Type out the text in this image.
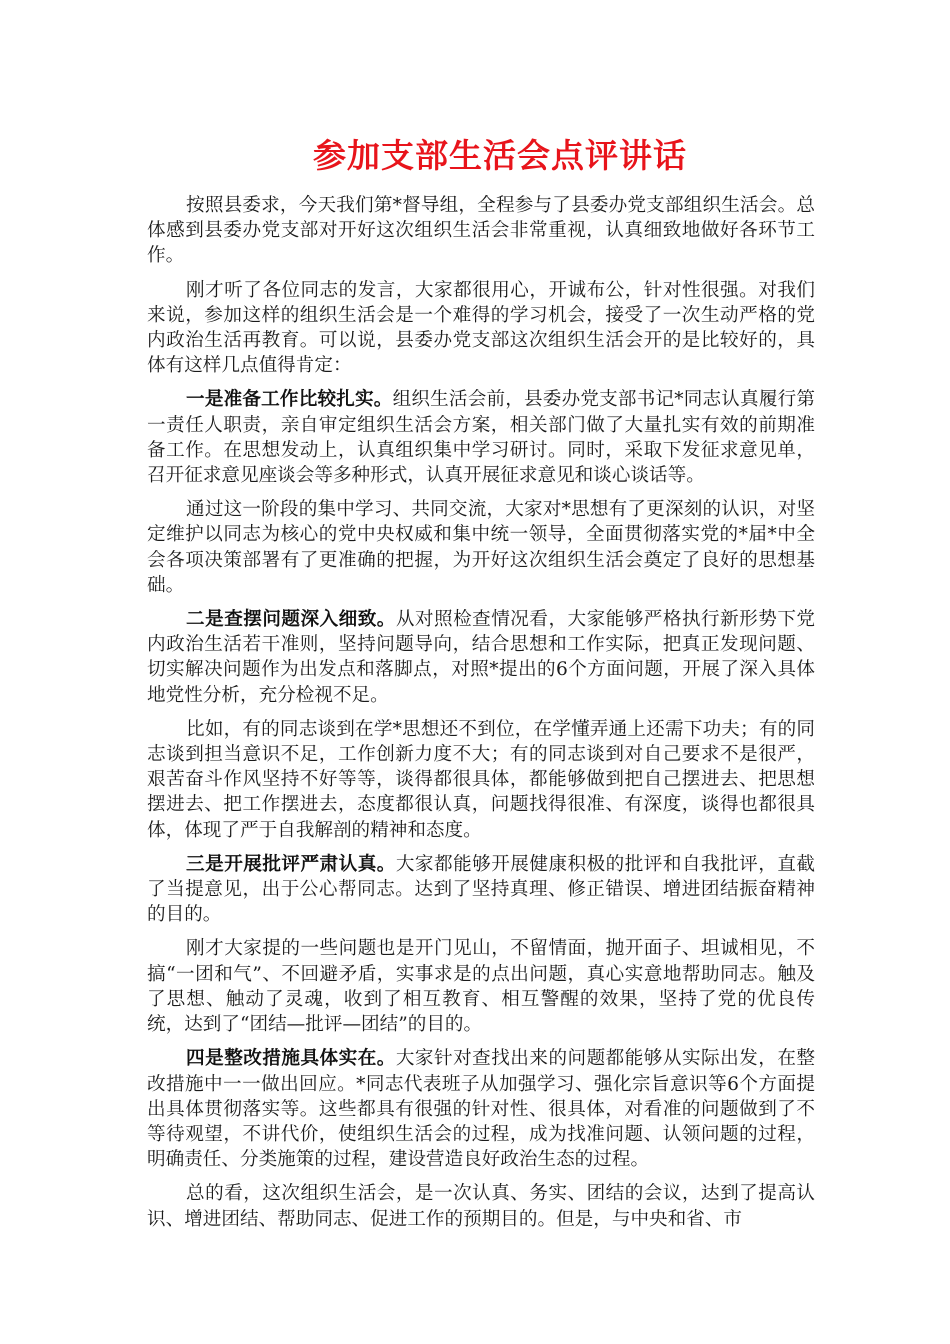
参加支部生活会点评讲话

按照县委求，今天我们第*督导组，全程参与了县委办党支部组织生活会。总体感到县委办党支部对开好这次组织生活会非常重视，认真细致地做好各环节工作。

刚才听了各位同志的发言，大家都很用心，开诚布公，针对性很强。对我们来说，参加这样的组织生活会是一个难得的学习机会，接受了一次生动严格的党内政治生活再教育。可以说，县委办党支部这次组织生活会开的是比较好的，具体有这样几点值得肯定：

一是准备工作比较扎实。组织生活会前，县委办党支部书记*同志认真履行第一责任人职责，亲自审定组织生活会方案，相关部门做了大量扎实有效的前期准备工作。在思想发动上，认真组织集中学习研讨。同时，采取下发征求意见单，召开征求意见座谈会等多种形式，认真开展征求意见和谈心谈话等。

通过这一阶段的集中学习、共同交流，大家对*思想有了更深刻的认识，对坚定维护以同志为核心的党中央权威和集中统一领导，全面贯彻落实党的*届*中全会各项决策部署有了更准确的把握，为开好这次组织生活会奠定了良好的思想基础。

二是查摆问题深入细致。从对照检查情况看，大家能够严格执行新形势下党内政治生活若干准则，坚持问题导向，结合思想和工作实际，把真正发现问题、切实解决问题作为出发点和落脚点，对照*提出的6个方面问题，开展了深入具体地党性分析，充分检视不足。

比如，有的同志谈到在学*思想还不到位，在学懂弄通上还需下功夫；有的同志谈到担当意识不足，工作创新力度不大；有的同志谈到对自己要求不是很严，艰苦奋斗作风坚持不好等等，谈得都很具体，都能够做到把自己摆进去、把思想摆进去、把工作摆进去，态度都很认真，问题找得很准、有深度，谈得也都很具体，体现了严于自我解剖的精神和态度。

三是开展批评严肃认真。大家都能够开展健康积极的批评和自我批评，直截了当提意见，出于公心帮同志。达到了坚持真理、修正错误、增进团结振奋精神的目的。

刚才大家提的一些问题也是开门见山，不留情面，抛开面子、坦诚相见，不搞“一团和气”、不回避矛盾，实事求是的点出问题，真心实意地帮助同志。触及了思想、触动了灵魂，收到了相互教育、相互警醒的效果，坚持了党的优良传统，达到了“团结—批评—团结”的目的。

四是整改措施具体实在。大家针对查找出来的问题都能够从实际出发，在整改措施中一一做出回应。*同志代表班子从加强学习、强化宗旨意识等6个方面提出具体贯彻落实等。这些都具有很强的针对性、很具体，对看准的问题做到了不等待观望，不讲代价，使组织生活会的过程，成为找准问题、认领问题的过程，明确责任、分类施策的过程，建设营造良好政治生态的过程。

总的看，这次组织生活会，是一次认真、务实、团结的会议，达到了提高认识、增进团结、帮助同志、促进工作的预期目的。但是，与中央和省、市
